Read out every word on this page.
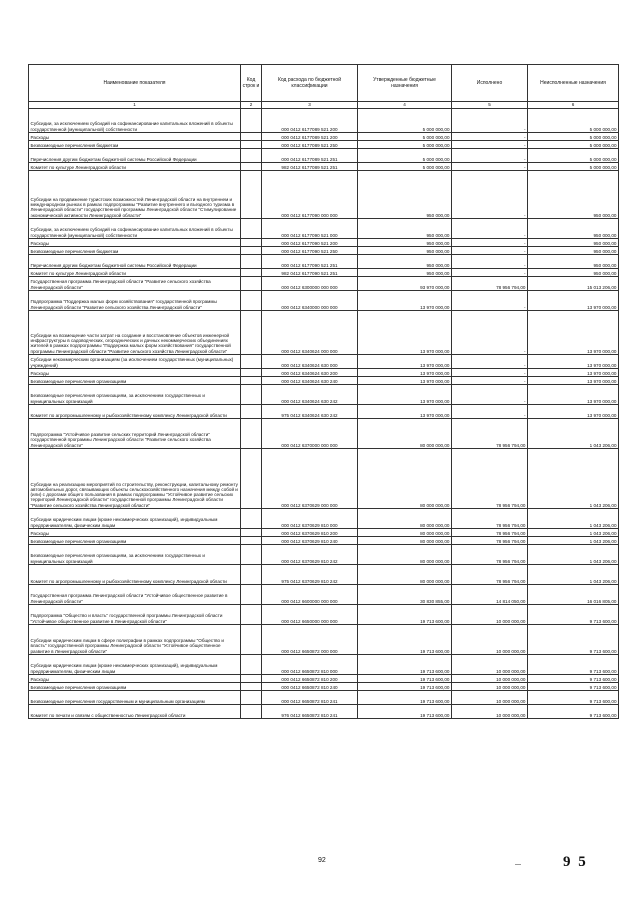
Наименование показателя	Код строк и	Код расхода по бюджетной классификации	Утвержденные бюджетные назначения	Исполнено	Неисполненные назначения
1	2	3	4	5	6
Субсидии, за исключением субсидий на софинансирование капитальных вложений в объекты государственной (муниципальной) собственности		000 0412 6177089 521 200	5 000 000,00	-	5 000 000,00
Расходы		000 0412 6177089 521 200	5 000 000,00	-	5 000 000,00
Безвозмездные перечисления бюджетам		000 0412 6177089 521 250	5 000 000,00	-	5 000 000,00
Перечисления другим бюджетам бюджетной системы Российской Федерации		000 0412 6177089 521 251	5 000 000,00	-	5 000 000,00
Комитет по культуре Ленинградской области		982 0412 6177089 521 251	5 000 000,00	-	5 000 000,00
Субсидии на продвижение туристских возможностей Ленинградской области на внутреннем и международном рынках в рамках подпрограммы "Развитие внутреннего и въездного туризма в Ленинградской области" государственной программы Ленинградской области "Стимулирование экономической активности Ленинградской области"		000 0412 6177090 000 000	950 000,00	-	950 000,00
Субсидии, за исключением субсидий на софинансирование капитальных вложений в объекты государственной (муниципальной) собственности		000 0412 6177090 521 000	950 000,00	-	950 000,00
Расходы		000 0412 6177090 521 200	950 000,00	-	950 000,00
Безвозмездные перечисления бюджетам		000 0412 6177090 521 250	950 000,00	-	950 000,00
Перечисления другим бюджетам бюджетной системы Российской Федерации		000 0412 6177090 521 251	950 000,00	-	950 000,00
Комитет по культуре Ленинградской области		982 0412 6177090 521 251	950 000,00	-	950 000,00
Государственная программа Ленинградской области "Развитие сельского хозяйства Ленинградской области"		000 0412 6300000 000 000	93 970 000,00	78 956 794,00	15 013 206,00
Подпрограмма "Поддержка малых форм хозяйствования" государственной программы Ленинградской области "Развитие сельского хозяйства Ленинградской области"		000 0412 6340000 000 000	13 970 000,00	-	13 970 000,00
Субсидии на возмещение части затрат на создание и восстановление объектов инженерной инфраструктуры в садоводческих, огороднических и дачных некоммерческих объединениях жителей в рамках подпрограммы "Поддержка малых форм хозяйствования" государственной программы Ленинградской области "Развитие сельского хозяйства Ленинградской области"		000 0412 6340624 000 000	13 970 000,00	-	13 970 000,00
Субсидии некоммерческим организациям (за исключением государственных (муниципальных) учреждений)		000 0412 6340624 630 000	13 970 000,00	-	13 970 000,00
Расходы		000 0412 6340624 630 200	13 970 000,00	-	13 970 000,00
Безвозмездные перечисления организациям		000 0412 6340624 630 240	13 970 000,00	-	13 970 000,00
Безвозмездные перечисления организациям, за исключением государственных и муниципальных организаций		000 0412 6340624 630 242	13 970 000,00	-	13 970 000,00
Комитет по агропромышленному и рыбохозяйственному комплексу Ленинградской области		975 0412 6340624 630 242	13 970 000,00	-	13 970 000,00
Подпрограмма "Устойчивое развитие сельских территорий Ленинградской области" государственной программы Ленинградской области "Развитие сельского хозяйства Ленинградской области"		000 0412 6370000 000 000	80 000 000,00	78 956 794,00	1 043 206,00
Субсидии на реализацию мероприятий по строительству, реконструкции, капитальному ремонту автомобильных дорог, связывающих объекты сельскохозяйственного назначения между собой и (или) с дорогами общего пользования в рамках подпрограммы "Устойчивое развитие сельских территорий Ленинградской области" государственной программы Ленинградской области "Развитие сельского хозяйства Ленинградской области"		000 0412 6370629 000 000	80 000 000,00	78 956 794,00	1 043 206,00
Субсидии юридическим лицам (кроме некоммерческих организаций), индивидуальным предпринимателям, физическим лицам		000 0412 6370629 810 000	80 000 000,00	78 956 794,00	1 043 206,00
Расходы		000 0412 6370629 810 200	80 000 000,00	78 956 794,00	1 043 206,00
Безвозмездные перечисления организациям		000 0412 6370629 810 240	80 000 000,00	78 956 794,00	1 043 206,00
Безвозмездные перечисления организациям, за исключением государственных и муниципальных организаций		000 0412 6370629 810 242	80 000 000,00	78 956 794,00	1 043 206,00
Комитет по агропромышленному и рыбохозяйственному комплексу Ленинградской области		975 0412 6370629 810 242	80 000 000,00	78 956 794,00	1 043 206,00
Государственная программа Ленинградской области "Устойчивое общественное развитие в Ленинградской области"		000 0412 6600000 000 000	30 830 855,00	14 814 050,00	16 016 805,00
Подпрограмма "Общество и власть" государственной программы Ленинградской области "Устойчивое общественное развитие в Ленинградской области"		000 0412 6650000 000 000	19 713 600,00	10 000 000,00	9 713 600,00
Субсидии юридическим лицам в сфере полиграфии в рамках подпрограммы "Общество и власть" государственной программы Ленинградской области "Устойчивое общественное развитие в Ленинградской области"		000 0412 6650872 000 000	19 713 600,00	10 000 000,00	9 713 600,00
Субсидии юридическим лицам (кроме некоммерческих организаций), индивидуальным предпринимателям, физическим лицам		000 0412 6650872 810 000	19 713 600,00	10 000 000,00	9 713 600,00
Расходы		000 0412 6650872 810 200	19 713 600,00	10 000 000,00	9 713 600,00
Безвозмездные перечисления организациям		000 0412 6650872 810 240	19 713 600,00	10 000 000,00	9 713 600,00
Безвозмездные перечисления государственным и муниципальным организациям		000 0412 6650872 810 241	19 713 600,00	10 000 000,00	9 713 600,00
Комитет по печати и связям с общественностью Ленинградской области		976 0412 6650872 810 241	19 713 600,00	10 000 000,00	9 713 600,00
92
—	9 5
